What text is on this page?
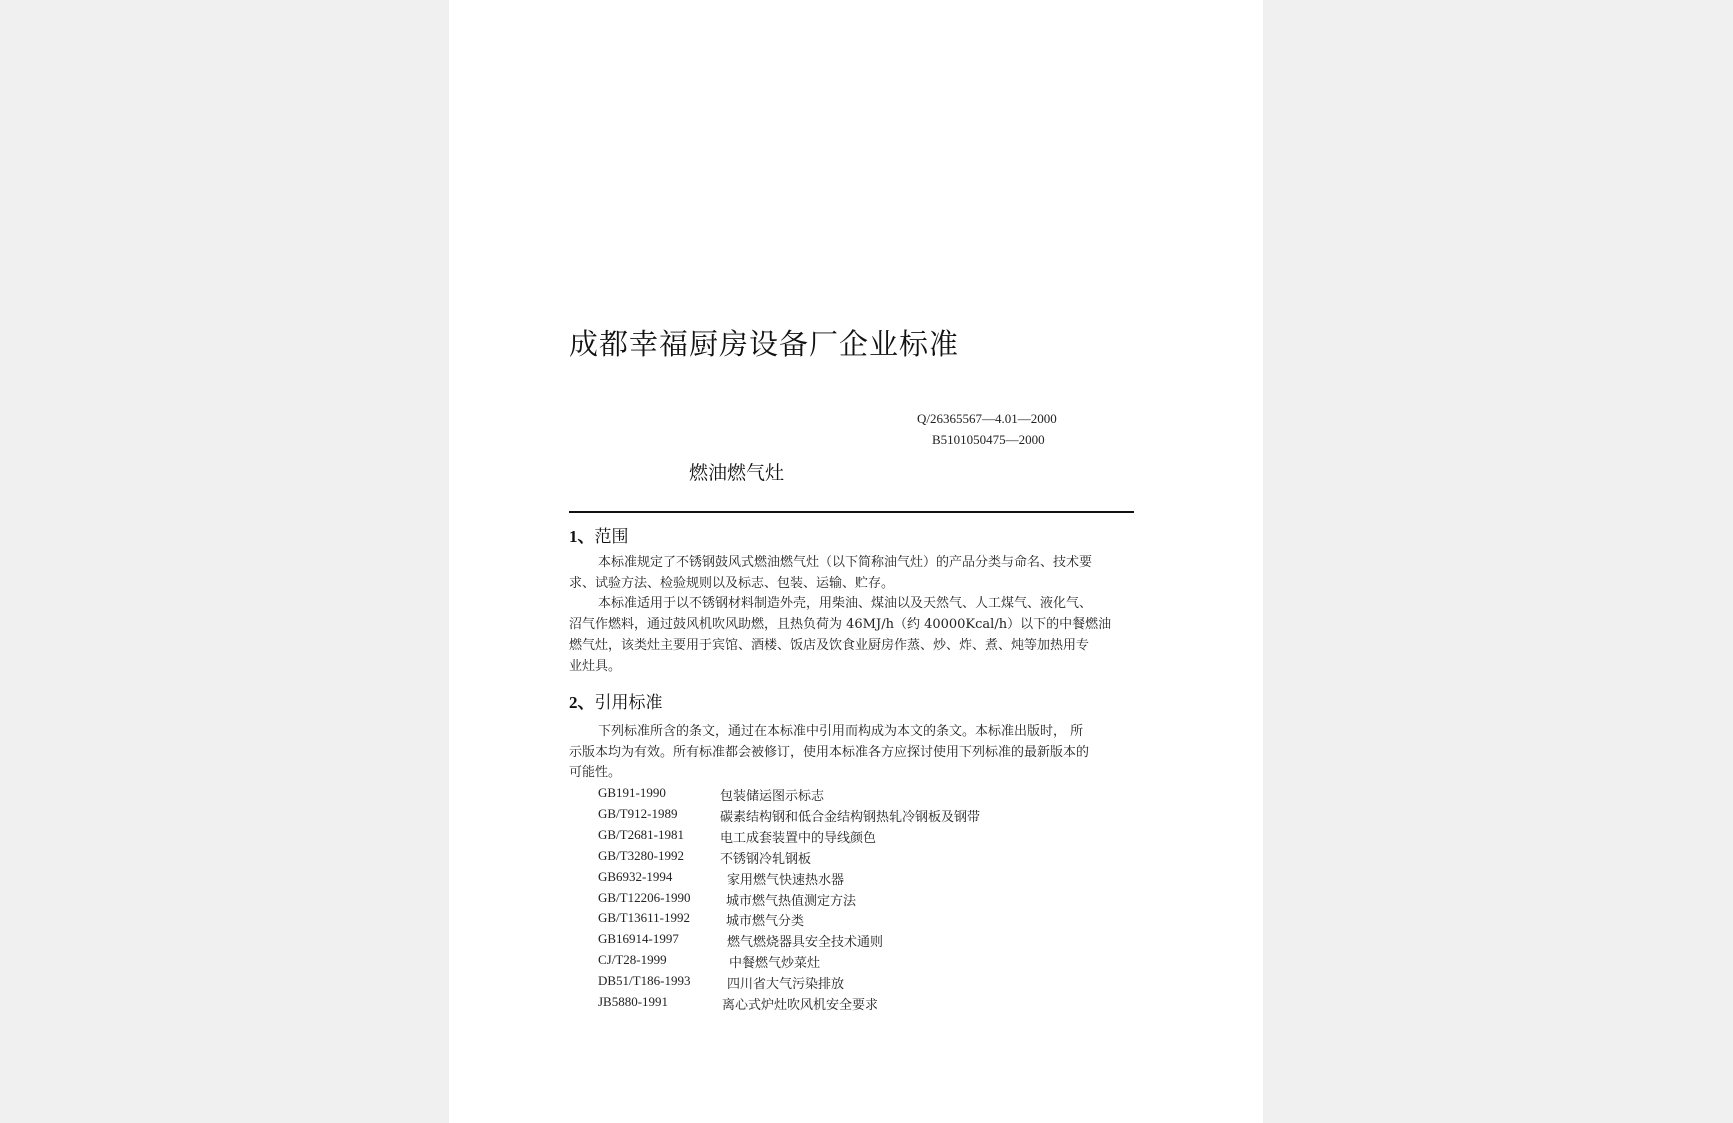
成都幸福厨房设备厂企业标准
Q/26365567—4.01—2000
B5101050475—2000
燃油燃气灶
1、范围
本标准规定了不锈钢鼓风式燃油燃气灶（以下简称油气灶）的产品分类与命名、技术要
求、试验方法、检验规则以及标志、包装、运输、贮存。
本标准适用于以不锈钢材料制造外壳，用柴油、煤油以及天然气、人工煤气、液化气、
沼气作燃料，通过鼓风机吹风助燃，且热负荷为 46MJ/h（约 40000Kcal/h）以下的中餐燃油
燃气灶，该类灶主要用于宾馆、酒楼、饭店及饮食业厨房作蒸、炒、炸、煮、炖等加热用专
业灶具。
2、引用标准
下列标准所含的条文，通过在本标准中引用而构成为本文的条文。本标准出版时， 所
示版本均为有效。所有标准都会被修订，使用本标准各方应探讨使用下列标准的最新版本的
可能性。
GB191-1990	包装储运图示标志
GB/T912-1989	碳素结构钢和低合金结构钢热轧冷钢板及钢带
GB/T2681-1981	电工成套装置中的导线颜色
GB/T3280-1992	不锈钢冷轧钢板
GB6932-1994	家用燃气快速热水器
GB/T12206-1990	城市燃气热值测定方法
GB/T13611-1992	城市燃气分类
GB16914-1997	燃气燃烧器具安全技术通则
CJ/T28-1999	中餐燃气炒菜灶
DB51/T186-1993	四川省大气污染排放
JB5880-1991	离心式炉灶吹风机安全要求
